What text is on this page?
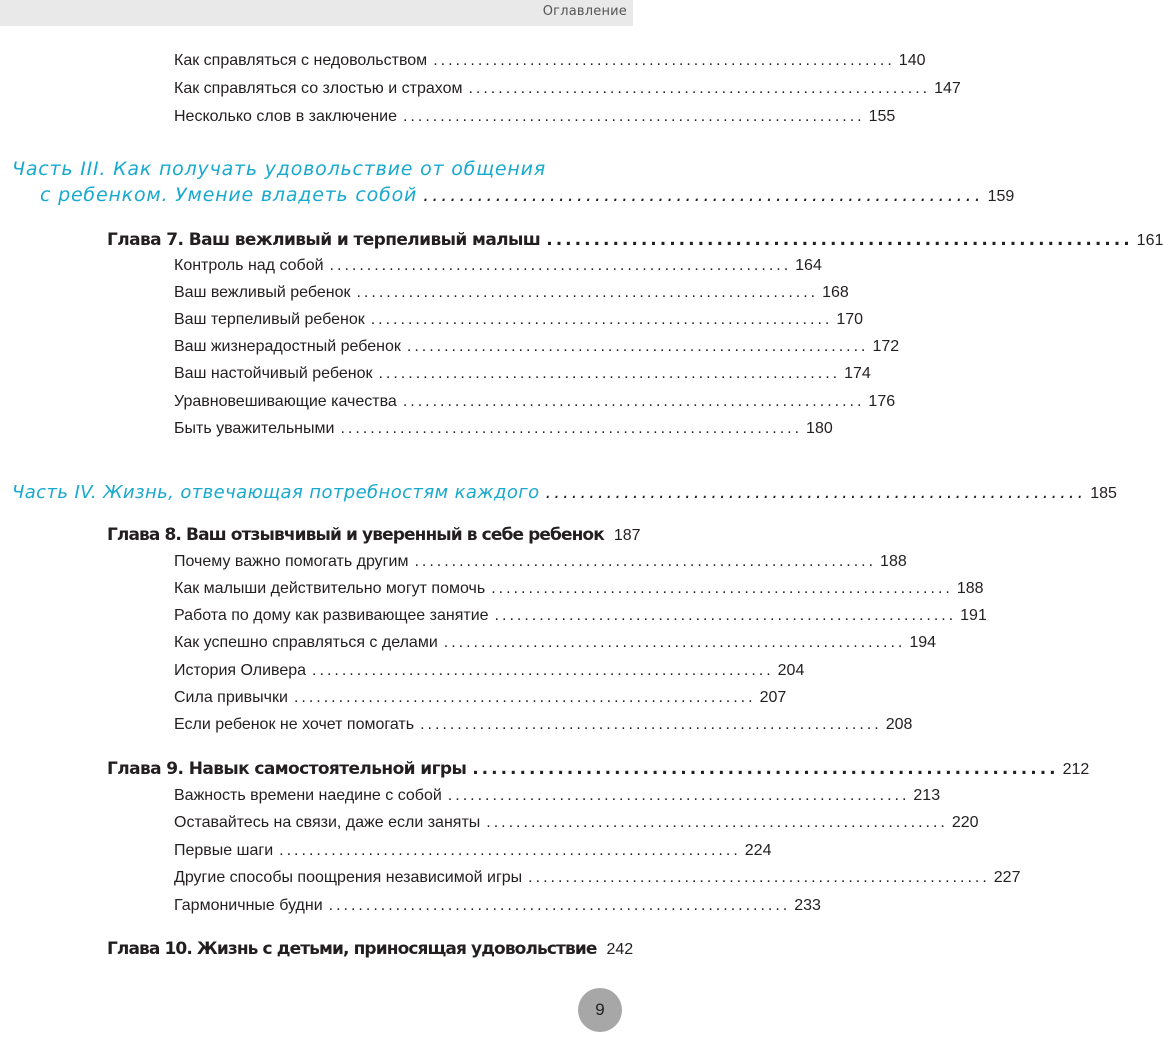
Оглавление
Как справляться с недовольством .............................................................. 140
Как справляться со злостью и страхом .............................................................. 147
Несколько слов в заключение .............................................................. 155
Часть III. Как получать удовольствие от общения
с ребенком. Умение владеть собой .............................................................. 159
Глава 7. Ваш вежливый и терпеливый малыш .............................................................. 161
Контроль над собой .............................................................. 164
Ваш вежливый ребенок .............................................................. 168
Ваш терпеливый ребенок .............................................................. 170
Ваш жизнерадостный ребенок .............................................................. 172
Ваш настойчивый ребенок .............................................................. 174
Уравновешивающие качества .............................................................. 176
Быть уважительными .............................................................. 180
Часть IV. Жизнь, отвечающая потребностям каждого .............................................................. 185
Глава 8. Ваш отзывчивый и уверенный в себе ребенок 187
Почему важно помогать другим .............................................................. 188
Как малыши действительно могут помочь .............................................................. 188
Работа по дому как развивающее занятие .............................................................. 191
Как успешно справляться с делами .............................................................. 194
История Оливера .............................................................. 204
Сила привычки .............................................................. 207
Если ребенок не хочет помогать .............................................................. 208
Глава 9. Навык самостоятельной игры .............................................................. 212
Важность времени наедине с собой .............................................................. 213
Оставайтесь на связи, даже если заняты .............................................................. 220
Первые шаги .............................................................. 224
Другие способы поощрения независимой игры .............................................................. 227
Гармоничные будни .............................................................. 233
Глава 10. Жизнь с детьми, приносящая удовольствие 242
9
